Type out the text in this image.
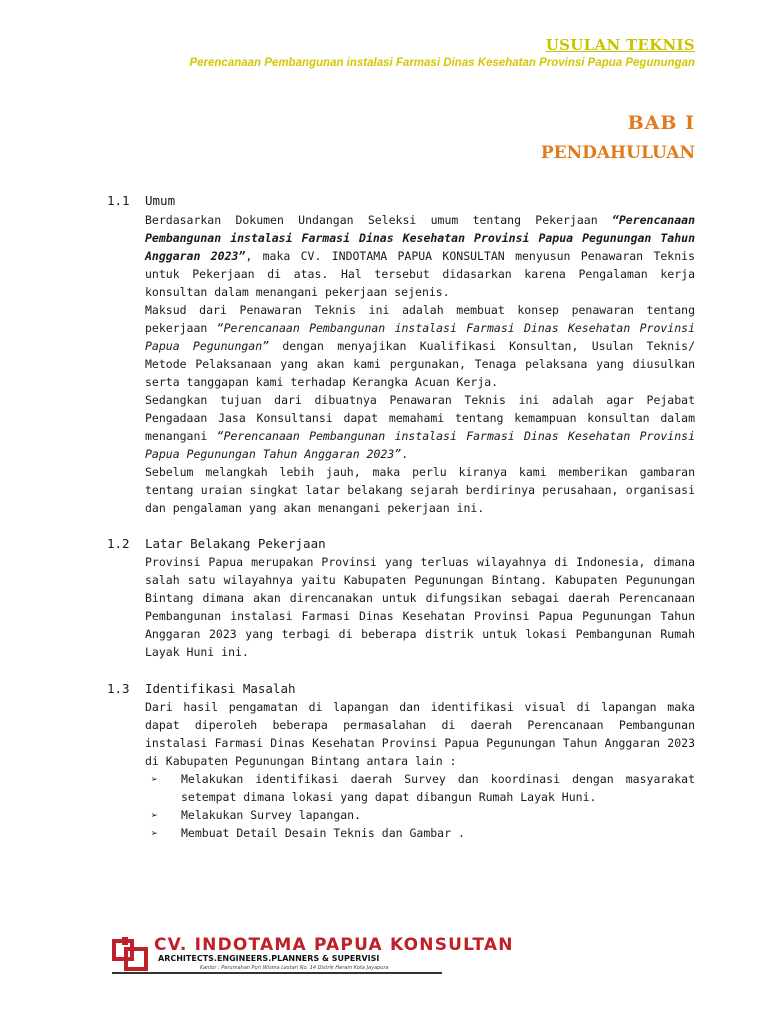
USULAN TEKNIS
Perencanaan Pembangunan instalasi Farmasi Dinas Kesehatan Provinsi Papua Pegunungan
BAB I
PENDAHULUAN
1.1 Umum

Berdasarkan Dokumen Undangan Seleksi umum tentang Pekerjaan “Perencanaan Pembangunan instalasi Farmasi Dinas Kesehatan Provinsi Papua Pegunungan Tahun Anggaran 2023”, maka CV. INDOTAMA PAPUA KONSULTAN menyusun Penawaran Teknis untuk Pekerjaan di atas. Hal tersebut didasarkan karena Pengalaman kerja konsultan dalam menangani pekerjaan sejenis.

Maksud dari Penawaran Teknis ini adalah membuat konsep penawaran tentang pekerjaan “Perencanaan Pembangunan instalasi Farmasi Dinas Kesehatan Provinsi Papua Pegunungan” dengan menyajikan Kualifikasi Konsultan, Usulan Teknis/ Metode Pelaksanaan yang akan kami pergunakan, Tenaga pelaksana yang diusulkan serta tanggapan kami terhadap Kerangka Acuan Kerja.

Sedangkan tujuan dari dibuatnya Penawaran Teknis ini adalah agar Pejabat Pengadaan Jasa Konsultansi dapat memahami tentang kemampuan konsultan dalam menangani “Perencanaan Pembangunan instalasi Farmasi Dinas Kesehatan Provinsi Papua Pegunungan Tahun Anggaran 2023”.

Sebelum melangkah lebih jauh, maka perlu kiranya kami memberikan gambaran tentang uraian singkat latar belakang sejarah berdirinya perusahaan, organisasi dan pengalaman yang akan menangani pekerjaan ini.

1.2 Latar Belakang Pekerjaan

Provinsi Papua merupakan Provinsi yang terluas wilayahnya di Indonesia, dimana salah satu wilayahnya yaitu Kabupaten Pegunungan Bintang. Kabupaten Pegunungan Bintang dimana akan direncanakan untuk difungsikan sebagai daerah Perencanaan Pembangunan instalasi Farmasi Dinas Kesehatan Provinsi Papua Pegunungan Tahun Anggaran 2023 yang terbagi di beberapa distrik untuk lokasi Pembangunan Rumah Layak Huni ini.

1.3 Identifikasi Masalah

Dari hasil pengamatan di lapangan dan identifikasi visual di lapangan maka dapat diperoleh beberapa permasalahan di daerah Perencanaan Pembangunan instalasi Farmasi Dinas Kesehatan Provinsi Papua Pegunungan Tahun Anggaran 2023 di Kabupaten Pegunungan Bintang antara lain :

➢ Melakukan identifikasi daerah Survey dan koordinasi dengan masyarakat setempat dimana lokasi yang dapat dibangun Rumah Layak Huni.
➢ Melakukan Survey lapangan.
➢ Membuat Detail Desain Teknis dan Gambar .
CV. INDOTAMA PAPUA KONSULTAN
ARCHITECTS.ENGINEERS.PLANNERS & SUPERVISI
Kantor : Perumahan Puri Wisma Lestari No. 14 Distrik Heram Kota Jayapura
